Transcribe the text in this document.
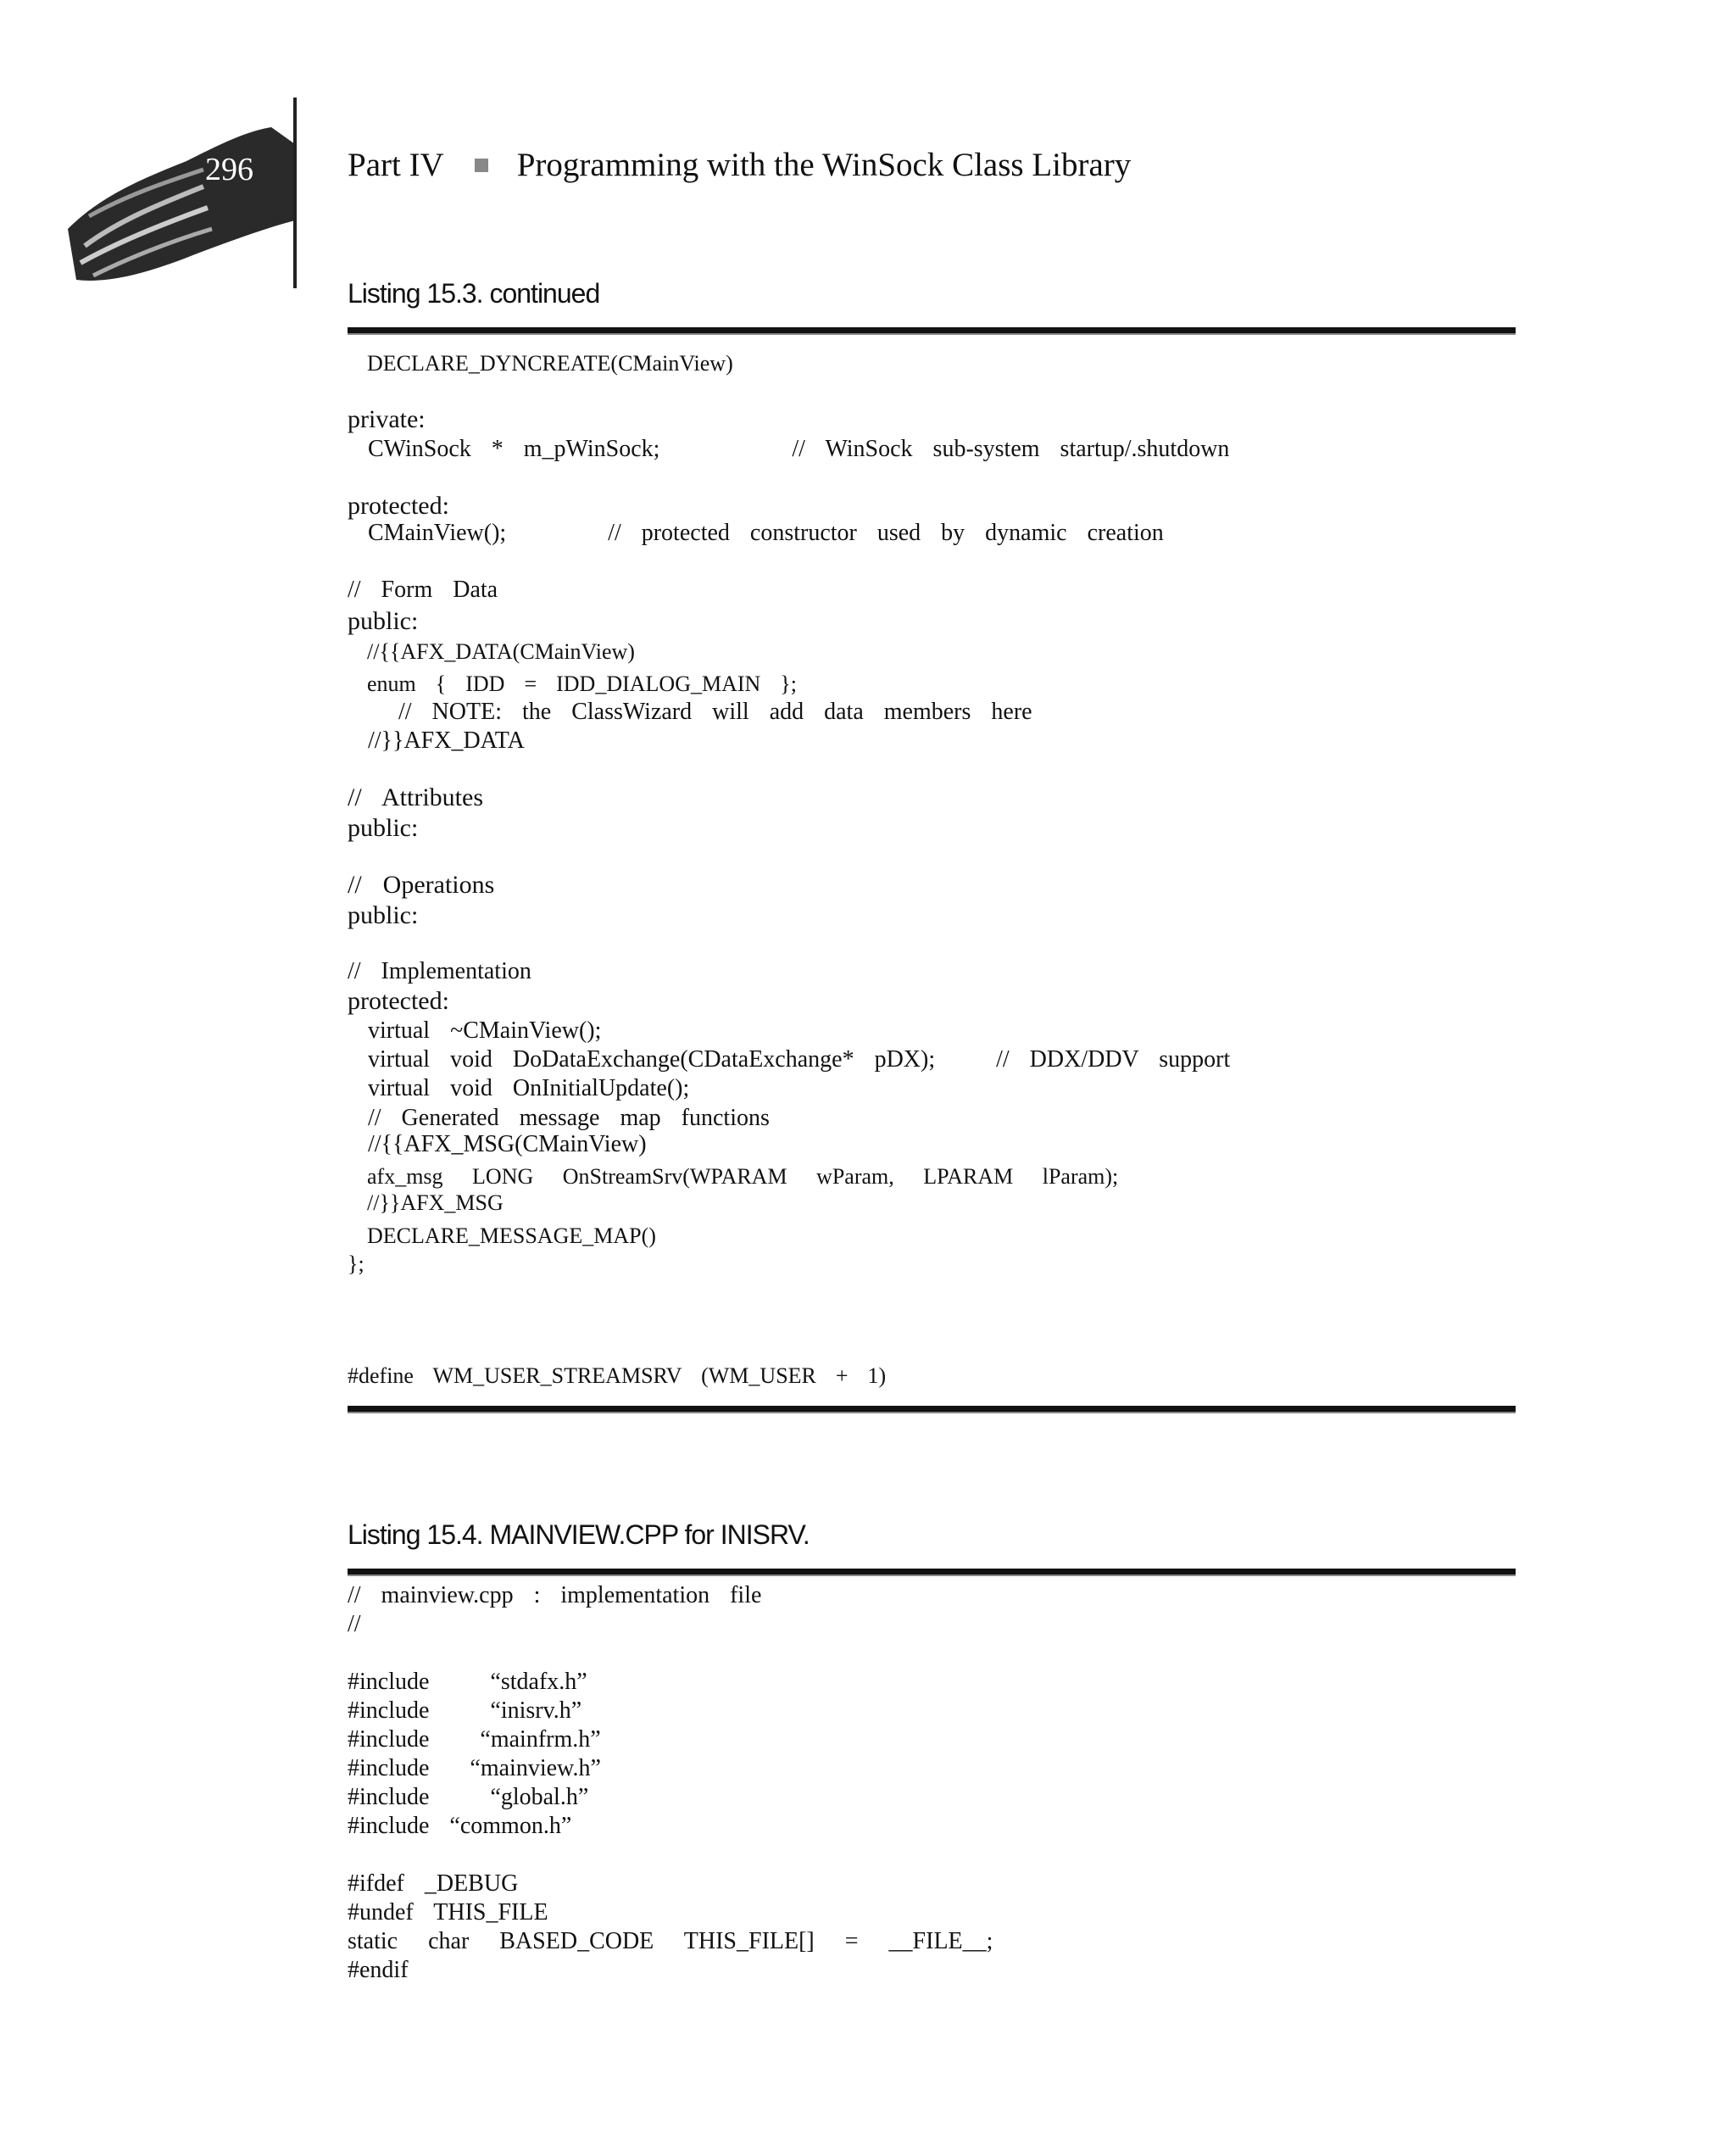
296	Part IV Programming with the WinSock Class Library
Listing 15.3. continued
DECLARE_DYNCREATE(CMainView)
private:
CWinSock  *  m_pWinSock;             //  WinSock  sub-system  startup/.shutdown
protected:
CMainView();          //  protected  constructor  used  by  dynamic  creation
//  Form  Data
public:
//{{AFX_DATA(CMainView)
enum  {  IDD  =  IDD_DIALOG_MAIN  };
//  NOTE:  the  ClassWizard  will  add  data  members  here
//}}AFX_DATA
//  Attributes
public:
//  Operations
public:
//  Implementation
protected:
virtual  ~CMainView();
virtual  void  DoDataExchange(CDataExchange*  pDX);      //  DDX/DDV  support
virtual  void  OnInitialUpdate();
//  Generated  message  map  functions
//{{AFX_MSG(CMainView)
afx_msg   LONG   OnStreamSrv(WPARAM   wParam,   LPARAM   lParam);
//}}AFX_MSG
DECLARE_MESSAGE_MAP()
};
#define  WM_USER_STREAMSRV  (WM_USER  +  1)
Listing 15.4. MAINVIEW.CPP for INISRV.
//  mainview.cpp  :  implementation  file
//
#include      “stdafx.h”
#include      “inisrv.h”
#include     “mainfrm.h”
#include    “mainview.h”
#include      “global.h”
#include  “common.h”
#ifdef  _DEBUG
#undef  THIS_FILE
static   char   BASED_CODE   THIS_FILE[]   =   __FILE__;
#endif
